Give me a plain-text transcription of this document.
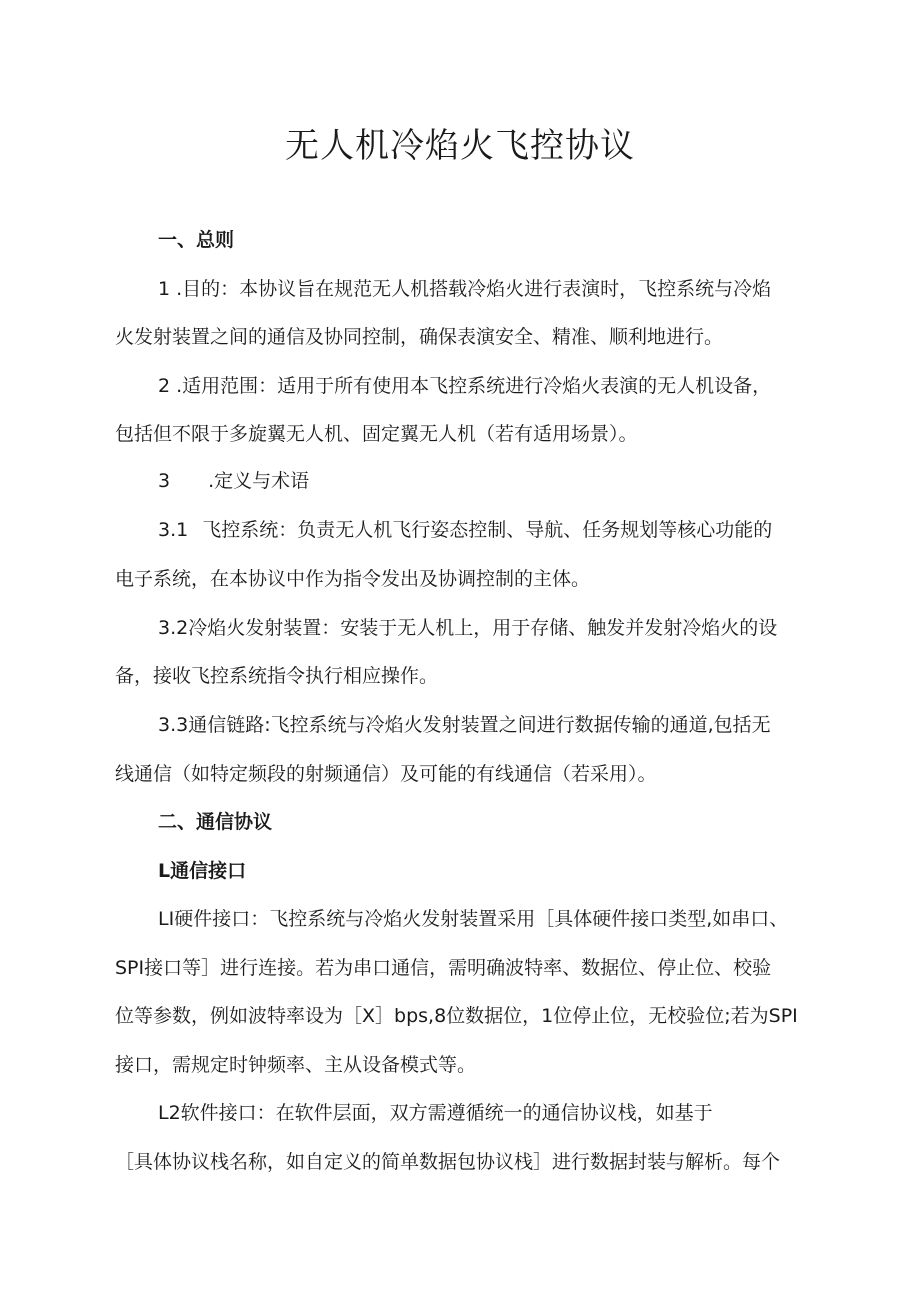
无人机冷焰火飞控协议

一、总则

1 .目的：本协议旨在规范无人机搭载冷焰火进行表演时，飞控系统与冷焰

火发射装置之间的通信及协同控制，确保表演安全、精准、顺利地进行。

2 .适用范围：适用于所有使用本飞控系统进行冷焰火表演的无人机设备，

包括但不限于多旋翼无人机、固定翼无人机（若有适用场景）。

3 .定义与术语

3.1 飞控系统：负责无人机飞行姿态控制、导航、任务规划等核心功能的

电子系统，在本协议中作为指令发出及协调控制的主体。

3.2冷焰火发射装置：安装于无人机上，用于存储、触发并发射冷焰火的设

备，接收飞控系统指令执行相应操作。

3.3通信链路:飞控系统与冷焰火发射装置之间进行数据传输的通道,包括无

线通信（如特定频段的射频通信）及可能的有线通信（若采用）。

二、通信协议

L通信接口

LI硬件接口：飞控系统与冷焰火发射装置采用［具体硬件接口类型,如串口、

SPI接口等］进行连接。若为串口通信，需明确波特率、数据位、停止位、校验

位等参数，例如波特率设为［X］bps,8位数据位，1位停止位，无校验位;若为SPI

接口，需规定时钟频率、主从设备模式等。

L2软件接口：在软件层面，双方需遵循统一的通信协议栈，如基于

［具体协议栈名称，如自定义的简单数据包协议栈］进行数据封装与解析。每个
